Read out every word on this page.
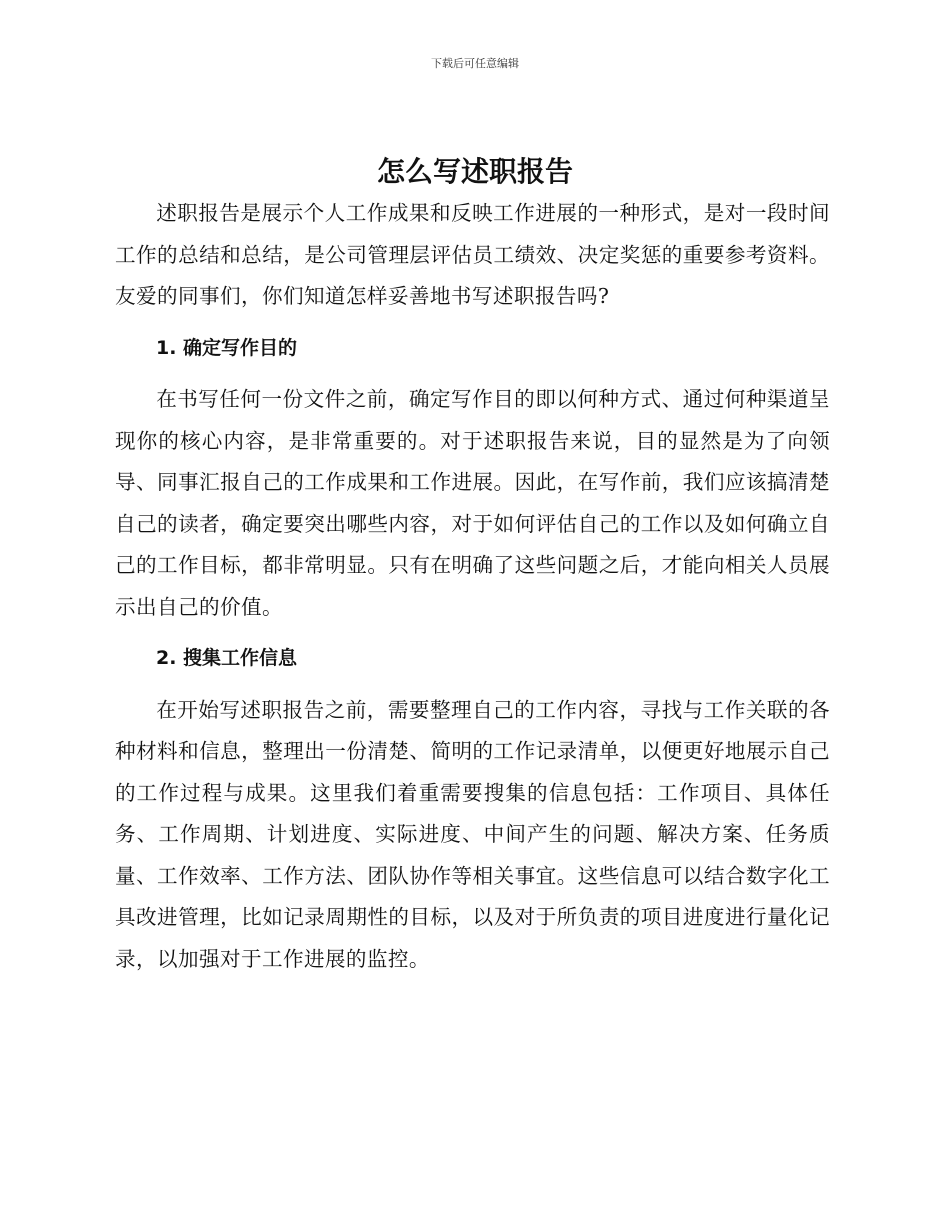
下载后可任意编辑
怎么写述职报告

述职报告是展示个人工作成果和反映工作进展的一种形式，是对一段时间工作的总结和总结，是公司管理层评估员工绩效、决定奖惩的重要参考资料。友爱的同事们，你们知道怎样妥善地书写述职报告吗?

1. 确定写作目的

在书写任何一份文件之前，确定写作目的即以何种方式、通过何种渠道呈现你的核心内容，是非常重要的。对于述职报告来说，目的显然是为了向领导、同事汇报自己的工作成果和工作进展。因此，在写作前，我们应该搞清楚自己的读者，确定要突出哪些内容，对于如何评估自己的工作以及如何确立自己的工作目标，都非常明显。只有在明确了这些问题之后，才能向相关人员展示出自己的价值。

2. 搜集工作信息

在开始写述职报告之前，需要整理自己的工作内容，寻找与工作关联的各种材料和信息，整理出一份清楚、简明的工作记录清单，以便更好地展示自己的工作过程与成果。这里我们着重需要搜集的信息包括：工作项目、具体任务、工作周期、计划进度、实际进度、中间产生的问题、解决方案、任务质量、工作效率、工作方法、团队协作等相关事宜。这些信息可以结合数字化工具改进管理，比如记录周期性的目标，以及对于所负责的项目进度进行量化记录，以加强对于工作进展的监控。
